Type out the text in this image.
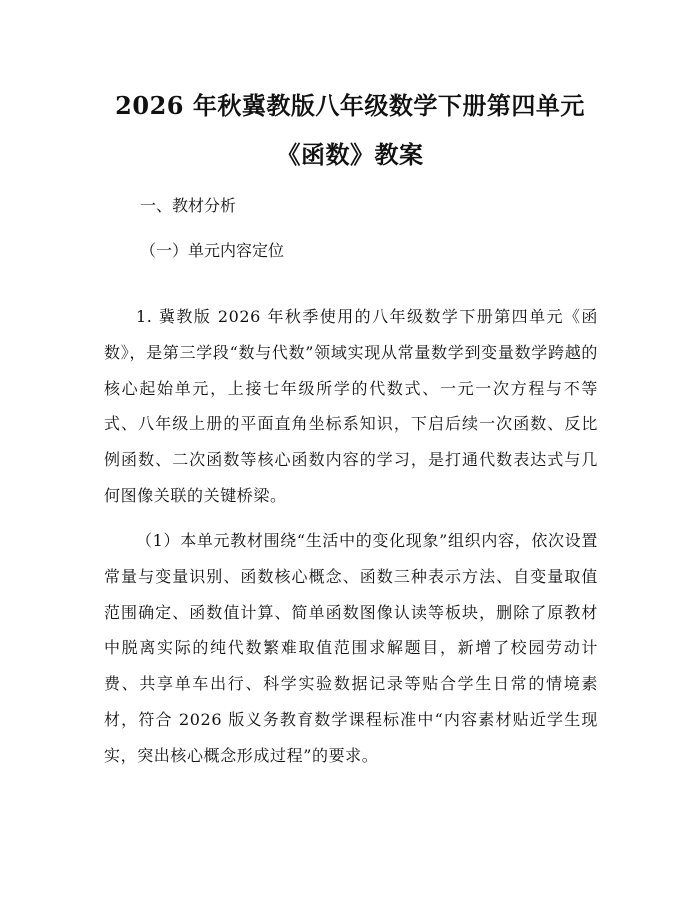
2026 年秋冀教版八年级数学下册第四单元
《函数》教案
一、教材分析
（一）单元内容定位

1. 冀教版 2026 年秋季使用的八年级数学下册第四单元《函数》，是第三学段“数与代数”领域实现从常量数学到变量数学跨越的核心起始单元，上接七年级所学的代数式、一元一次方程与不等式、八年级上册的平面直角坐标系知识，下启后续一次函数、反比例函数、二次函数等核心函数内容的学习，是打通代数表达式与几何图像关联的关键桥梁。

（1）本单元教材围绕“生活中的变化现象”组织内容，依次设置常量与变量识别、函数核心概念、函数三种表示方法、自变量取值范围确定、函数值计算、简单函数图像认读等板块，删除了原教材中脱离实际的纯代数繁难取值范围求解题目，新增了校园劳动计费、共享单车出行、科学实验数据记录等贴合学生日常的情境素材，符合 2026 版义务教育数学课程标准中“内容素材贴近学生现实，突出核心概念形成过程”的要求。
